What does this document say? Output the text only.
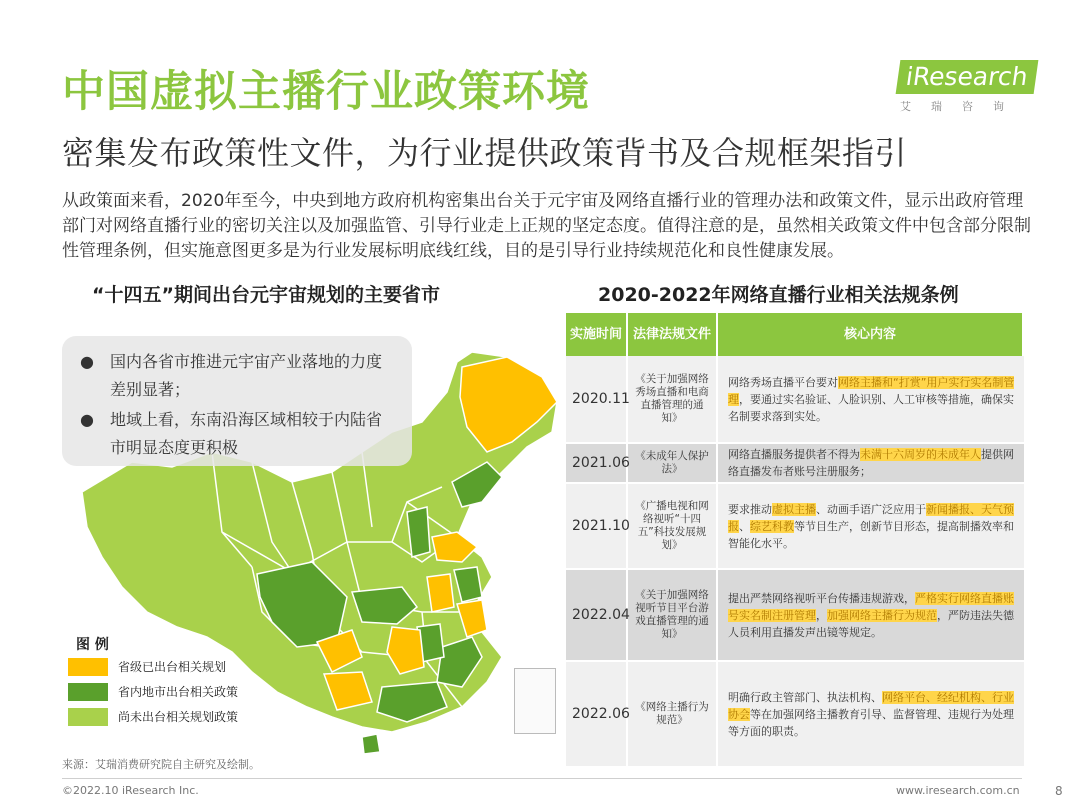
中国虚拟主播行业政策环境
密集发布政策性文件，为行业提供政策背书及合规框架指引
iResearch
艾瑞咨询
从政策面来看，2020年至今，中央到地方政府机构密集出台关于元宇宙及网络直播行业的管理办法和政策文件，显示出政府管理部门对网络直播行业的密切关注以及加强监管、引导行业走上正规的坚定态度。值得注意的是，虽然相关政策文件中包含部分限制性管理条例，但实施意图更多是为行业发展标明底线红线，目的是引导行业持续规范化和良性健康发展。
“十四五”期间出台元宇宙规划的主要省市	2020-2022年网络直播行业相关法规条例
●	国内各省市推进元宇宙产业落地的力度差别显著；
●	地域上看，东南沿海区域相较于内陆省市明显态度更积极
图 例
省级已出台相关规划
省内地市出台相关政策
尚未出台相关规划政策
实施时间	法律法规文件	核心内容
2020.11	《关于加强网络秀场直播和电商直播管理的通知》	网络秀场直播平台要对网络主播和“打赏”用户实行实名制管理，要通过实名验证、人脸识别、人工审核等措施，确保实名制要求落到实处。
2021.06	《未成年人保护法》	网络直播服务提供者不得为未满十六周岁的未成年人提供网络直播发布者账号注册服务；
2021.10	《广播电视和网络视听“十四五”科技发展规划》	要求推动虚拟主播、动画手语广泛应用于新闻播报、天气预报、综艺科教等节目生产，创新节目形态，提高制播效率和智能化水平。
2022.04	《关于加强网络视听节目平台游戏直播管理的通知》	提出严禁网络视听平台传播违规游戏，严格实行网络直播账号实名制注册管理，加强网络主播行为规范，严防违法失德人员利用直播发声出镜等规定。
2022.06	《网络主播行为规范》	明确行政主管部门、执法机构、网络平台、经纪机构、行业协会等在加强网络主播教育引导、监督管理、违规行为处理等方面的职责。
来源：艾瑞消费研究院自主研究及绘制。
©2022.10 iResearch Inc.	www.iresearch.com.cn	8
